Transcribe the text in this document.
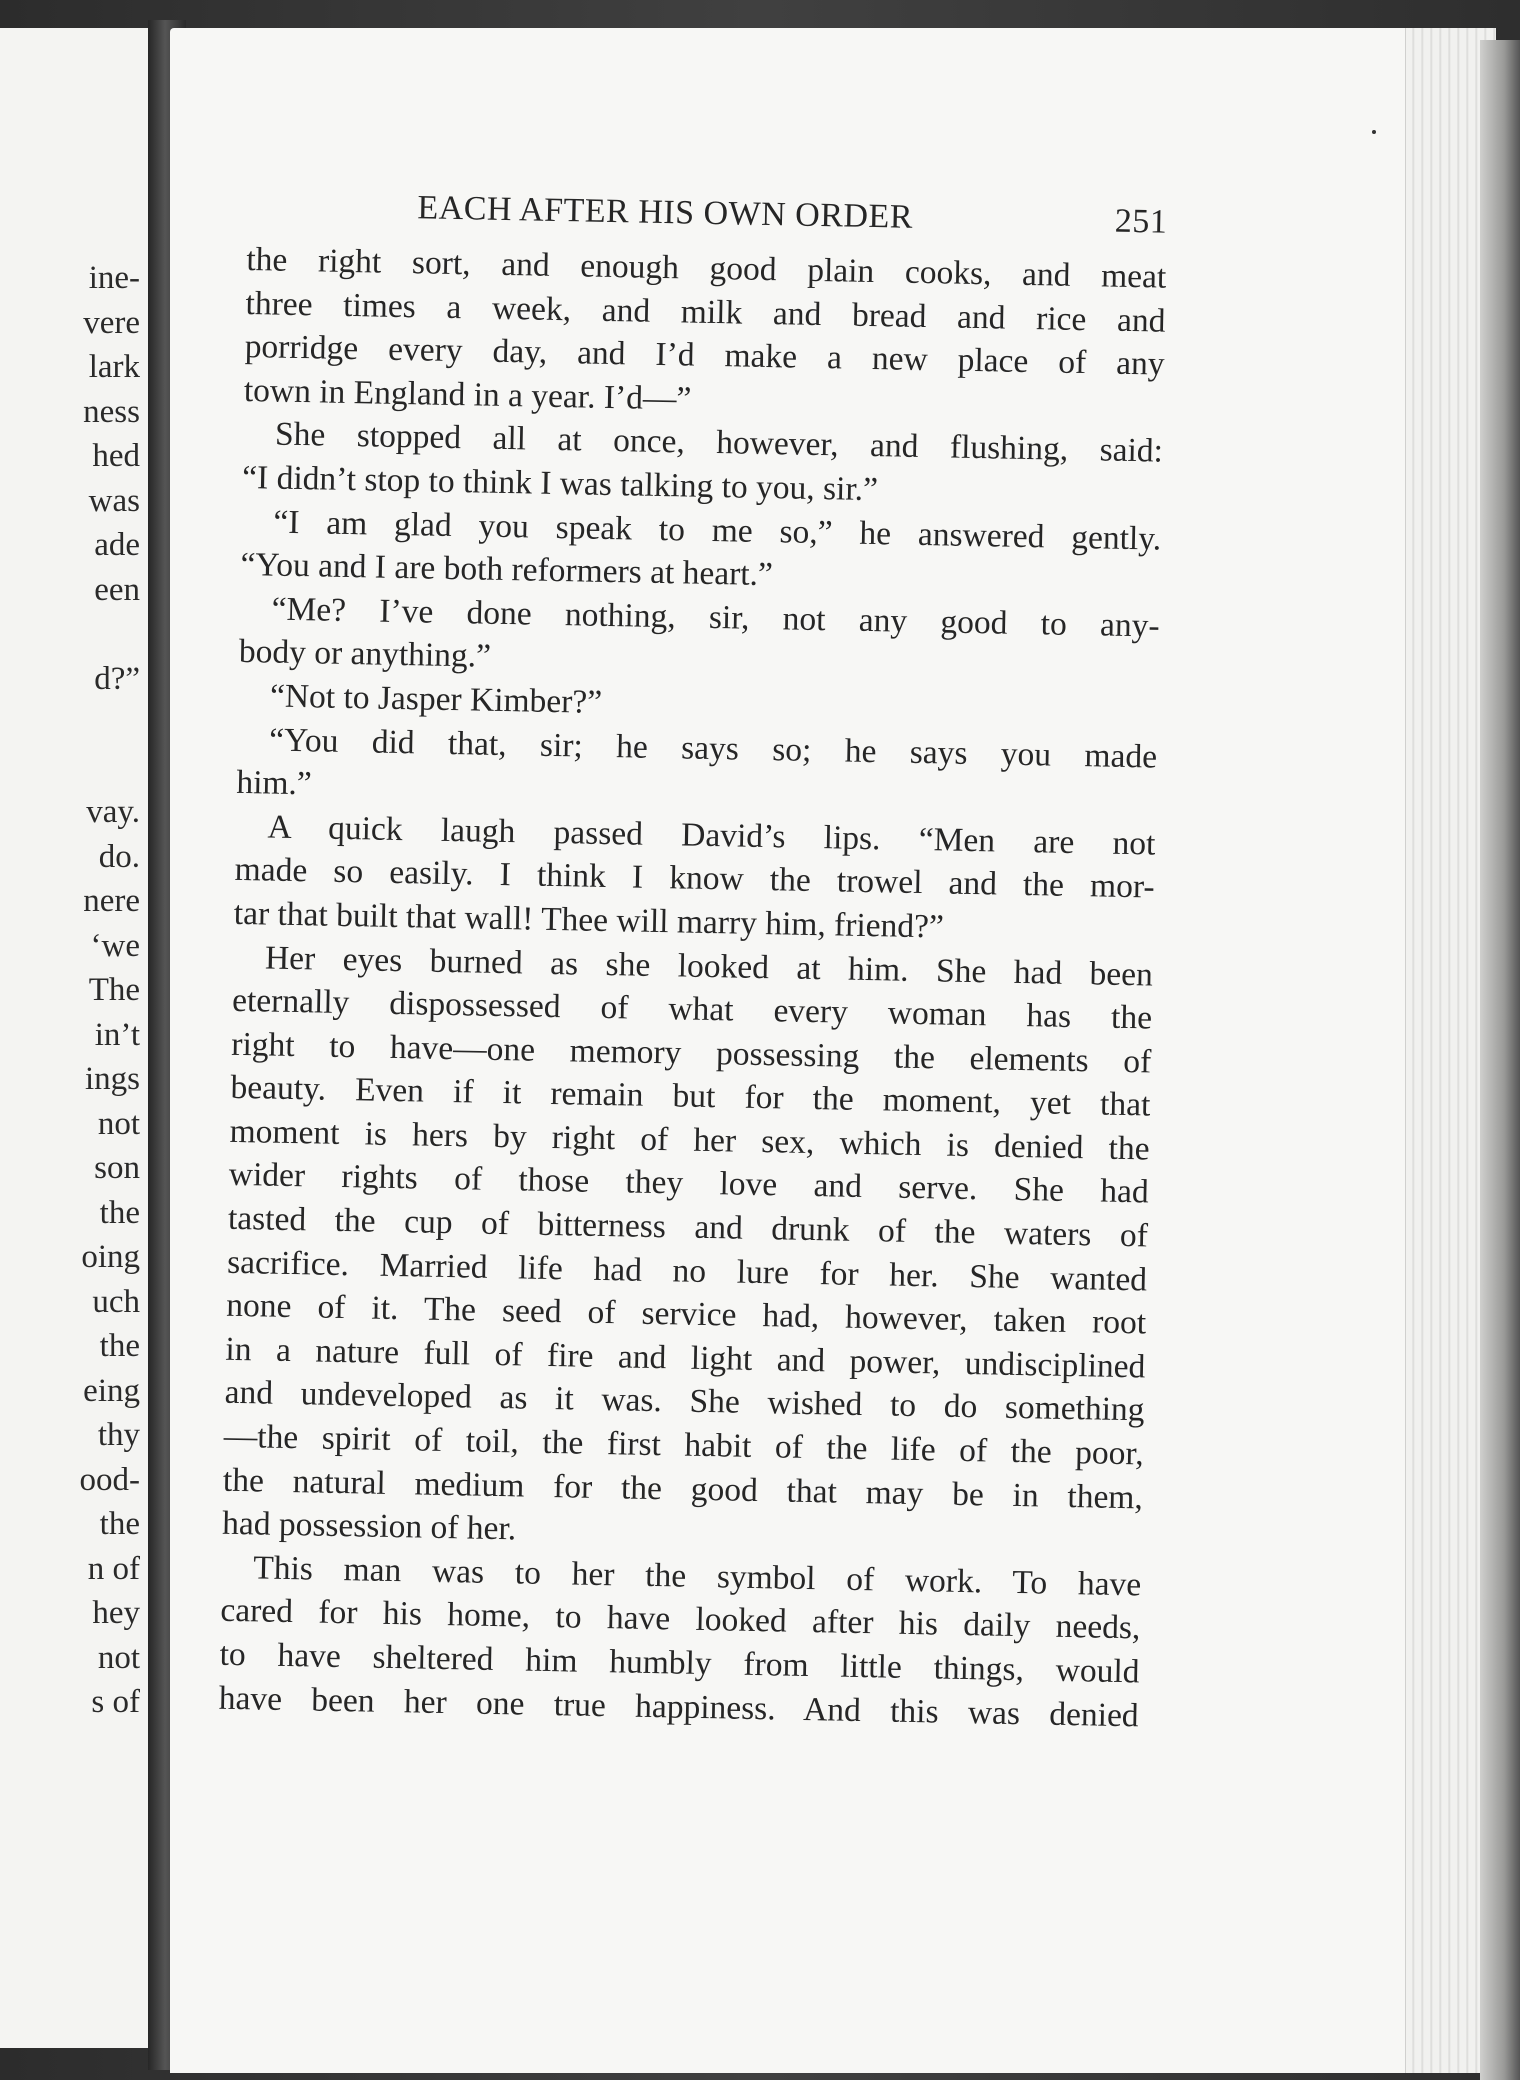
ine-
vere
lark
ness
hed
was
ade
een
d?”
vay.
do.
nere
‘we
The
in’t
ings
not
son
the
oing
uch
the
eing
thy
ood-
the
n of
hey
not
s of
EACH AFTER HIS OWN ORDER	251
the right sort, and enough good plain cooks, and meat
three times a week, and milk and bread and rice and
porridge every day, and I’d make a new place of any
town in England in a year. I’d—”
She stopped all at once, however, and flushing, said:
“I didn’t stop to think I was talking to you, sir.”
“I am glad you speak to me so,” he answered gently.
“You and I are both reformers at heart.”
“Me? I’ve done nothing, sir, not any good to any-
body or anything.”
“Not to Jasper Kimber?”
“You did that, sir; he says so; he says you made
him.”
A quick laugh passed David’s lips. “Men are not
made so easily. I think I know the trowel and the mor-
tar that built that wall! Thee will marry him, friend?”
Her eyes burned as she looked at him. She had been
eternally dispossessed of what every woman has the
right to have—one memory possessing the elements of
beauty. Even if it remain but for the moment, yet that
moment is hers by right of her sex, which is denied the
wider rights of those they love and serve. She had
tasted the cup of bitterness and drunk of the waters of
sacrifice. Married life had no lure for her. She wanted
none of it. The seed of service had, however, taken root
in a nature full of fire and light and power, undisciplined
and undeveloped as it was. She wished to do something
—the spirit of toil, the first habit of the life of the poor,
the natural medium for the good that may be in them,
had possession of her.
This man was to her the symbol of work. To have
cared for his home, to have looked after his daily needs,
to have sheltered him humbly from little things, would
have been her one true happiness. And this was denied
